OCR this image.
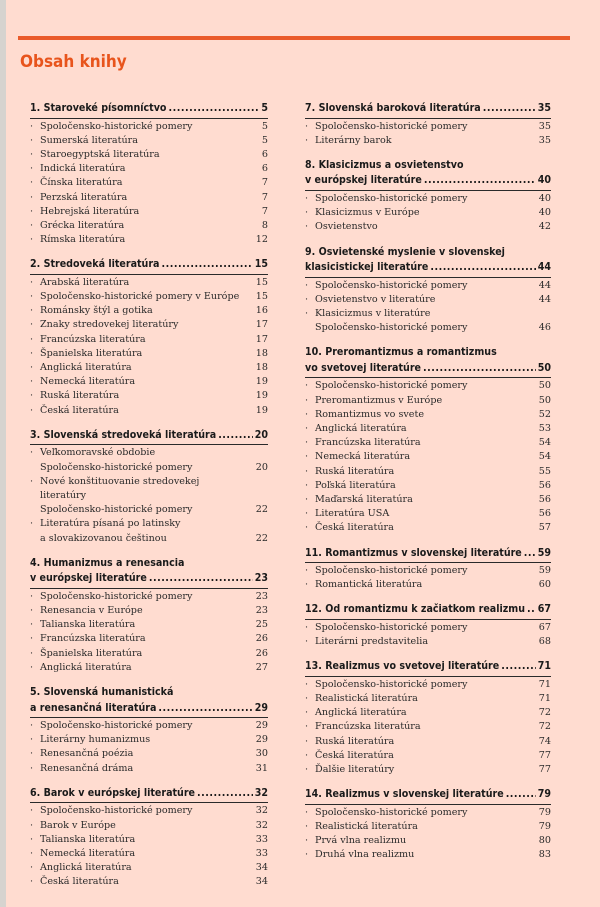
Obsah knihy
1. Staroveké písomníctvo .....	5
· Spoločensko-historické pomery	5
· Sumerská literatúra	5
· Staroegyptská literatúra	6
· Indická literatúra	6
· Čínska literatúra	7
· Perzská literatúra	7
· Hebrejská literatúra	7
· Grécka literatúra	8
· Rímska literatúra	12
2. Stredoveká literatúra .....	15
· Arabská literatúra	15
· Spoločensko-historické pomery v Európe	15
· Románsky štýl a gotika	16
· Znaky stredovekej literatúry	17
· Francúzska literatúra	17
· Španielska literatúra	18
· Anglická literatúra	18
· Nemecká literatúra	19
· Ruská literatúra	19
· Česká literatúra	19
3. Slovenská stredoveká literatúra .....	20
· Veľkomoravské obdobie
Spoločensko-historické pomery	20
· Nové konštituovanie stredovekej literatúry
Spoločensko-historické pomery	22
· Literatúra písaná po latinsky
a slovakizovanou češtinou	22
4. Humanizmus a renesancia
v európskej literatúre .....	23
· Spoločensko-historické pomery	23
· Renesancia v Európe	23
· Talianska literatúra	25
· Francúzska literatúra	26
· Španielska literatúra	26
· Anglická literatúra	27
5. Slovenská humanistická
a renesančná literatúra .....	29
· Spoločensko-historické pomery	29
· Literárny humanizmus	29
· Renesančná poézia	30
· Renesančná dráma	31
6. Barok v európskej literatúre .....	32
· Spoločensko-historické pomery	32
· Barok v Európe	32
· Talianska literatúra	33
· Nemecká literatúra	33
· Anglická literatúra	34
· Česká literatúra	34
7. Slovenská baroková literatúra .....	35
· Spoločensko-historické pomery	35
· Literárny barok	35
8. Klasicizmus a osvietenstvo
v európskej literatúre .....	40
· Spoločensko-historické pomery	40
· Klasicizmus v Európe	40
· Osvietenstvo	42
9. Osvietenské myslenie v slovenskej
klasicistickej literatúre .....	44
· Spoločensko-historické pomery	44
· Osvietenstvo v literatúre	44
· Klasicizmus v literatúre
Spoločensko-historické pomery	46
10. Preromantizmus a romantizmus
vo svetovej literatúre .....	50
· Spoločensko-historické pomery	50
· Preromantizmus v Európe	50
· Romantizmus vo svete	52
· Anglická literatúra	53
· Francúzska literatúra	54
· Nemecká literatúra	54
· Ruská literatúra	55
· Poľská literatúra	56
· Maďarská literatúra	56
· Literatúra USA	56
· Česká literatúra	57
11. Romantizmus v slovenskej literatúre ..... 59
· Spoločensko-historické pomery	59
· Romantická literatúra	60
12. Od romantizmu k začiatkom realizmu ..... 67
· Spoločensko-historické pomery	67
· Literárni predstavitelia	68
13. Realizmus vo svetovej literatúre .....	71
· Spoločensko-historické pomery	71
· Realistická literatúra	71
· Anglická literatúra	72
· Francúzska literatúra	72
· Ruská literatúra	74
· Česká literatúra	77
· Ďalšie literatúry	77
14. Realizmus v slovenskej literatúre .....	79
· Spoločensko-historické pomery	79
· Realistická literatúra	79
· Prvá vlna realizmu	80
· Druhá vlna realizmu	83
